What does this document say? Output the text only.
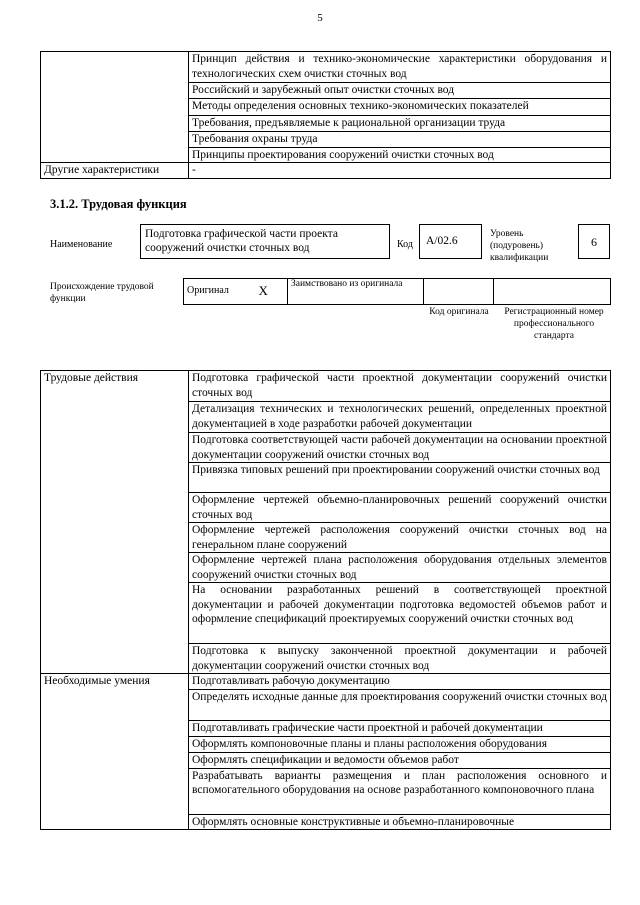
5
	Принцип действия и технико-экономические характеристики оборудования и технологических схем очистки сточных вод
	Российский и зарубежный опыт очистки сточных вод
	Методы определения основных технико-экономических показателей
	Требования, предъявляемые к рациональной организации труда
	Требования охраны труда
	Принципы проектирования сооружений очистки сточных вод
Другие характеристики	-
3.1.2. Трудовая функция
Наименование
Подготовка графической части проекта сооружений очистки сточных вод	Код	A/02.6
Уровень (подуровень) квалификации
6
Происхождение трудовой функции
Оригинал	X	Заимствовано из оригинала		
Код оригинала	Регистрационный номер профессионального стандарта
Трудовые действия	Подготовка графической части проектной документации сооружений очистки сточных вод
	Детализация технических и технологических решений, определенных проектной документацией в ходе разработки рабочей документации
	Подготовка соответствующей части рабочей документации на основании проектной документации сооружений очистки сточных вод
	Привязка типовых решений при проектировании сооружений очистки сточных вод
	Оформление чертежей объемно-планировочных решений сооружений очистки сточных вод
	Оформление чертежей расположения сооружений очистки сточных вод на генеральном плане сооружений
	Оформление чертежей плана расположения оборудования отдельных элементов сооружений очистки сточных вод
	На основании разработанных решений в соответствующей проектной документации и рабочей документации подготовка ведомостей объемов работ и оформление спецификаций проектируемых сооружений очистки сточных вод
	Подготовка к выпуску законченной проектной документации и рабочей документации сооружений очистки сточных вод
Необходимые умения	Подготавливать рабочую документацию
	Определять исходные данные для проектирования сооружений очистки сточных вод
	Подготавливать графические части проектной и рабочей документации
	Оформлять компоновочные планы и планы расположения оборудования
	Оформлять спецификации и ведомости объемов работ
	Разрабатывать варианты размещения и план расположения основного и вспомогательного оборудования на основе разработанного компоновочного плана
	Оформлять основные конструктивные и объемно-планировочные
